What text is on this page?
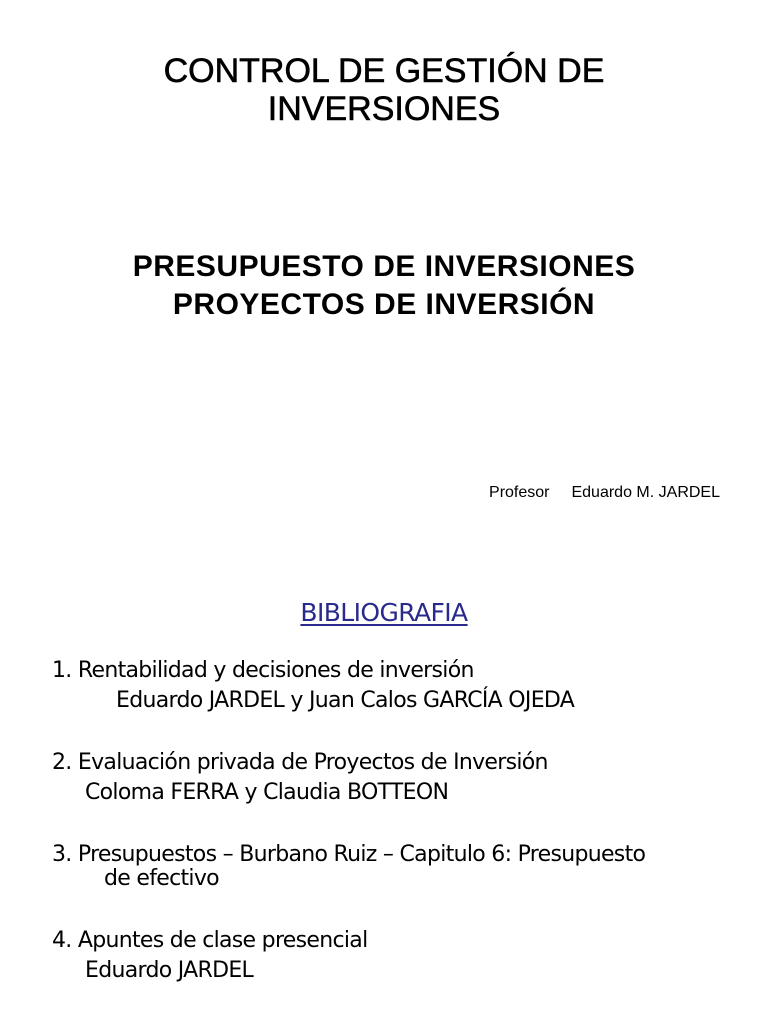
CONTROL DE GESTIÓN DE
INVERSIONES
PRESUPUESTO DE INVERSIONES
PROYECTOS DE INVERSIÓN
Profesor Eduardo M. JARDEL
BIBLIOGRAFIA
1. Rentabilidad y decisiones de inversión
Eduardo JARDEL y Juan Calos GARCÍA OJEDA
2. Evaluación privada de Proyectos de Inversión
Coloma FERRA y Claudia BOTTEON
3. Presupuestos – Burbano Ruiz – Capitulo 6: Presupuesto
de efectivo
4. Apuntes de clase presencial
Eduardo JARDEL
